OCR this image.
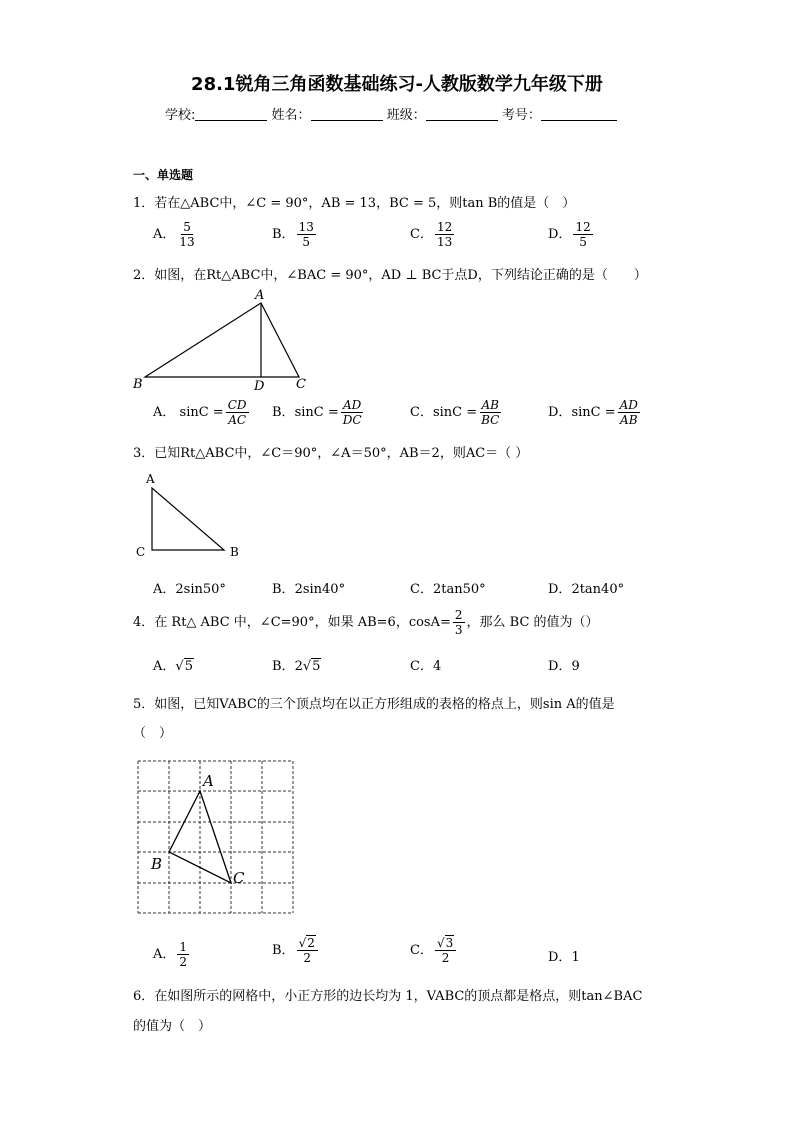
28.1锐角三角函数基础练习-人教版数学九年级下册
学校:	姓名：	班级：	考号：
一、单选题
1．若在△ABC中，∠C = 90°，AB = 13，BC = 5，则tan B的值是（　）
A． $\frac{5}{13}$	B． $\frac{13}{5}$	C． $\frac{12}{13}$	D． $\frac{12}{5}$
2．如图，在Rt△ABC中，∠BAC = 90°，AD ⊥ BC于点D，下列结论正确的是（　　）
A
B	D C
A． $\sin C = \frac{CD}{AC}$ B．$\sin C = \frac{AD}{DC}$	C．$\sin C = \frac{AB}{BC}$	D．$\sin C = \frac{AD}{AB}$
3．已知Rt△ABC中，∠C＝90°，∠A＝50°，AB＝2，则AC＝（ ）
A
C	B
A．2sin50°	B．2sin40°	C．2tan50°	D．2tan40°
4．在 Rt△ ABC 中，∠C=90°，如果 AB=6，$\cos A= \frac{2}{3}$ ，那么 BC 的值为（）
A．√5	B．2√5	C．4	D．9
5．如图，已知VABC的三个顶点均在以正方形组成的表格的格点上，则sin A的值是
（　）
A
B
C
A． $\frac{1}{2}$	B． $\frac{√2}{2}$	C． $\frac{√3}{2}$	D．1
6．在如图所示的网格中，小正方形的边长均为 1，VABC的顶点都是格点，则tan∠BAC
的值为（　）
